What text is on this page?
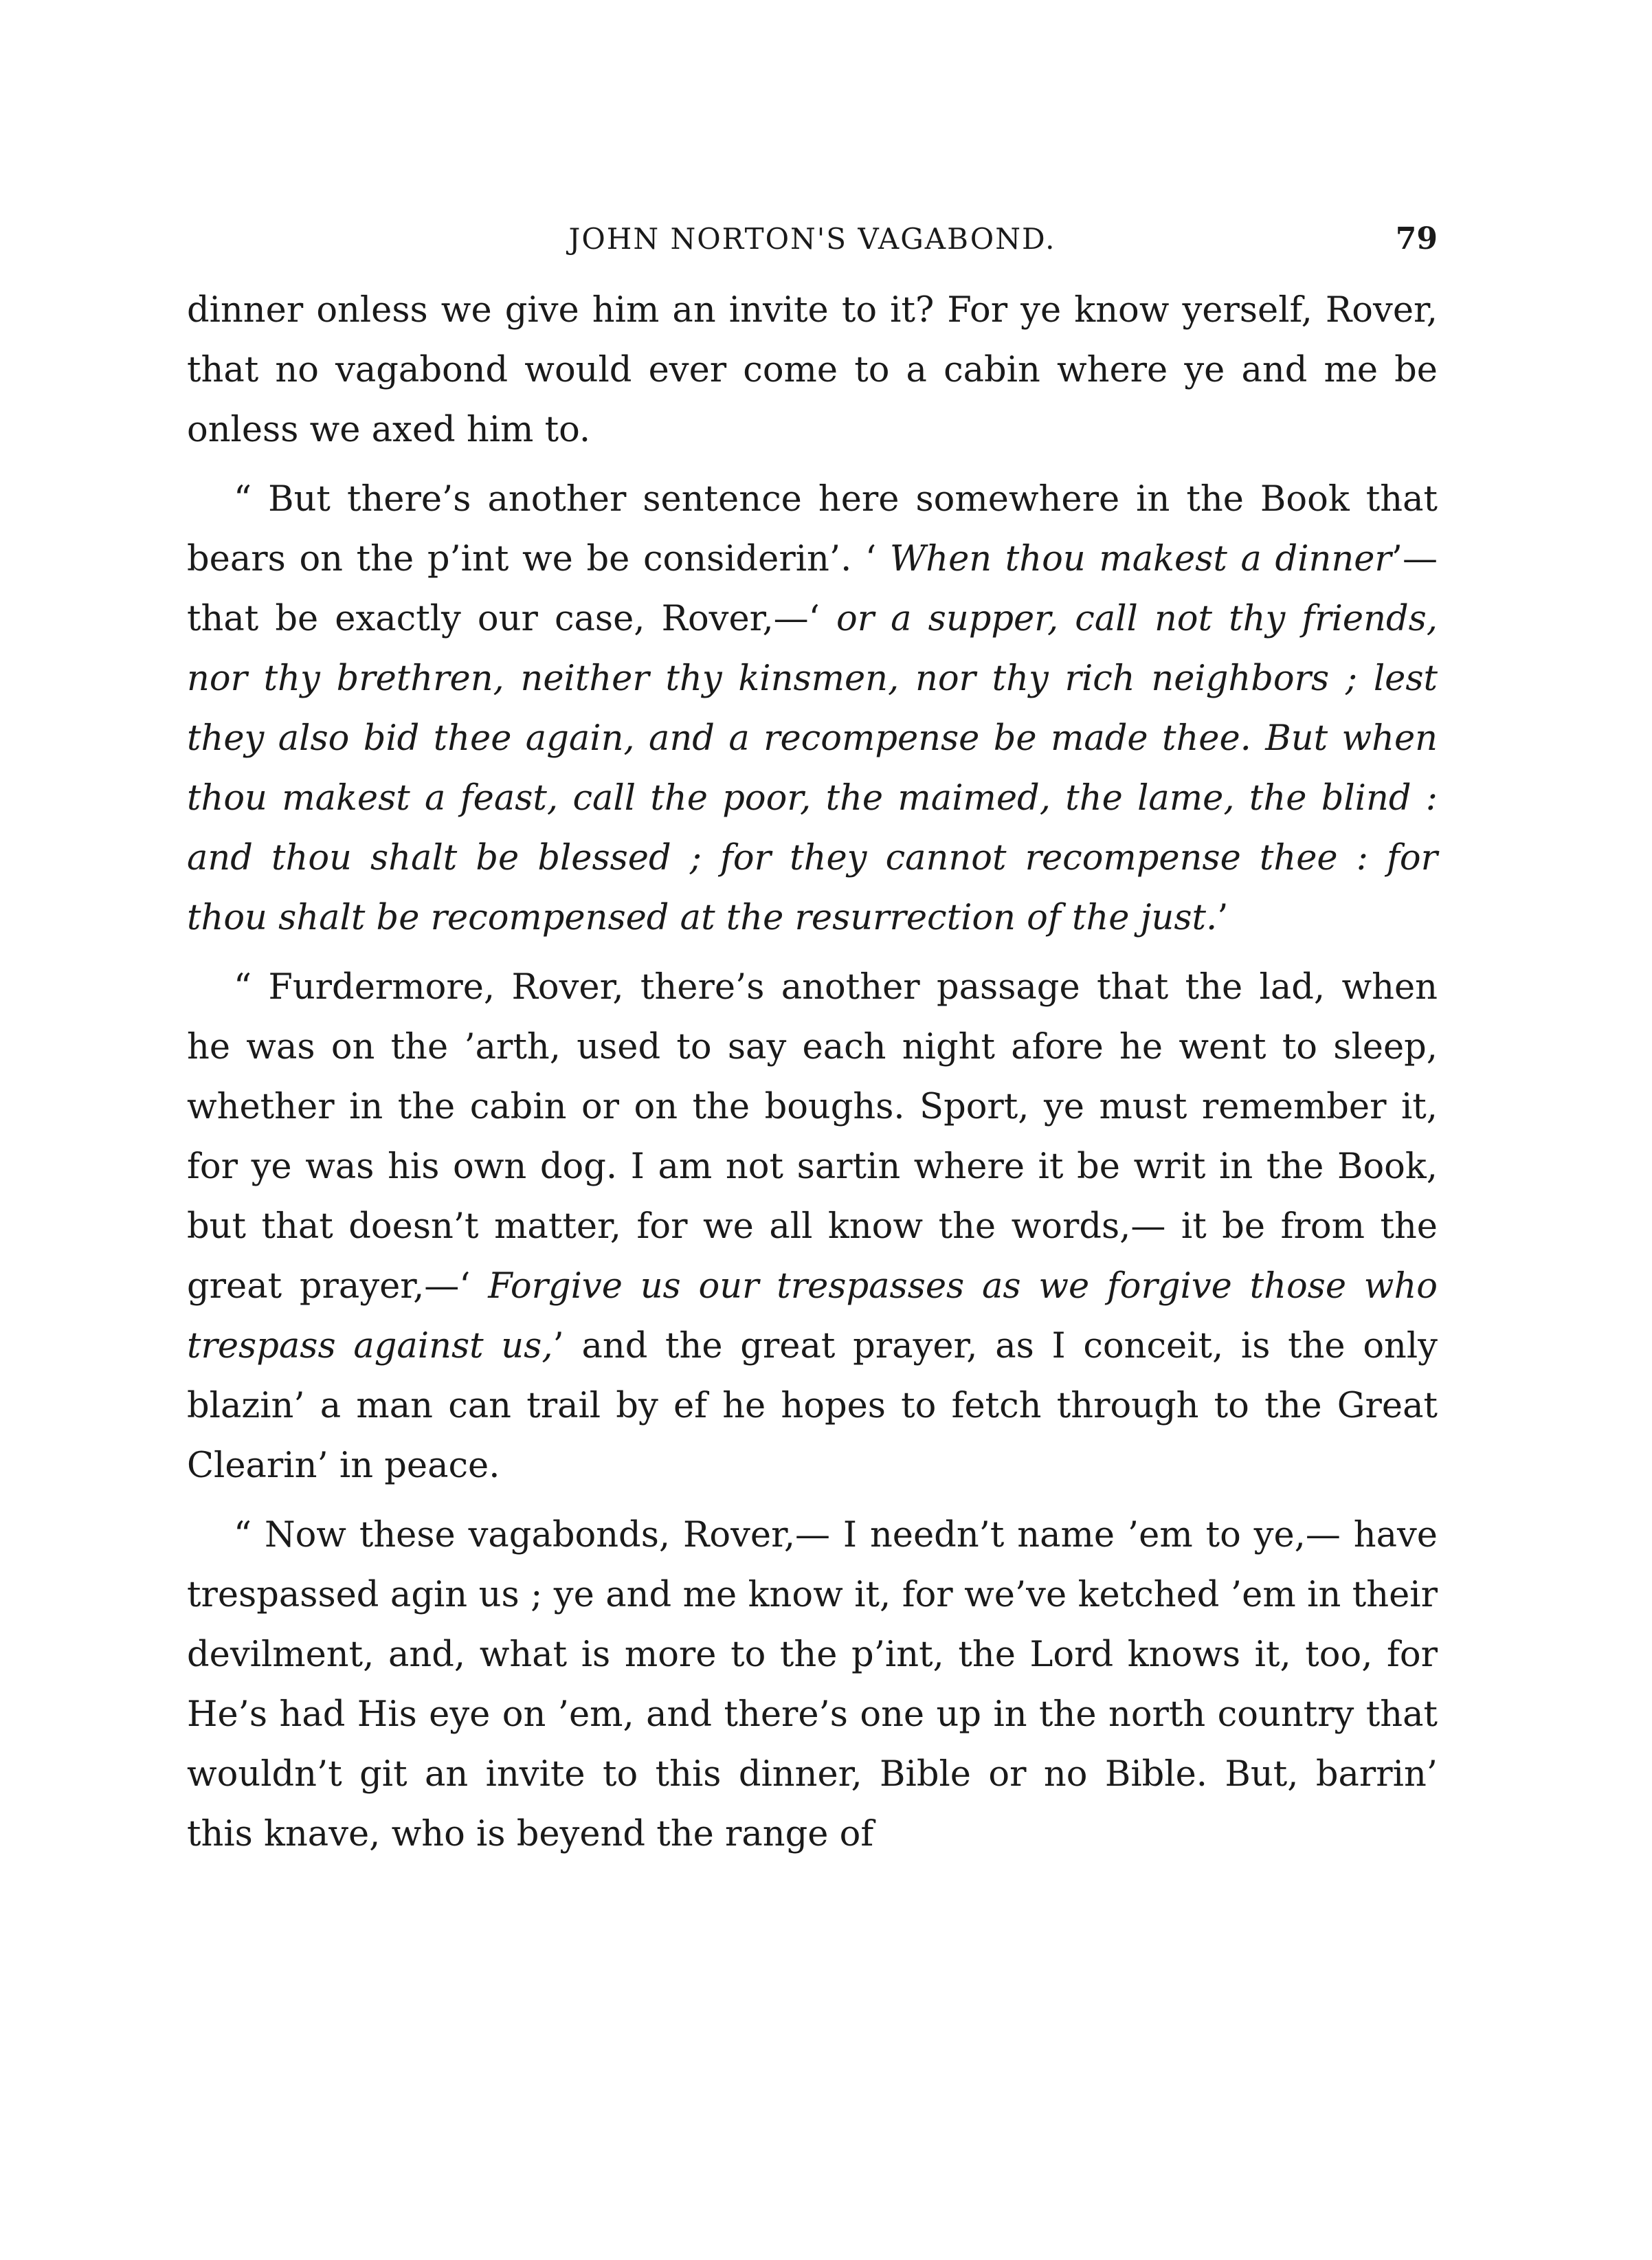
JOHN NORTON'S VAGABOND.	79

dinner onless we give him an invite to it? For ye know yerself, Rover, that no vagabond would ever come to a cabin where ye and me be onless we axed him to.

“ But there’s another sentence here somewhere in the Book that bears on the p’int we be considerin’. ‘ When thou makest a dinner’— that be exactly our case, Rover,—‘ or a supper, call not thy friends, nor thy brethren, neither thy kinsmen, nor thy rich neighbors ; lest they also bid thee again, and a recompense be made thee. But when thou makest a feast, call the poor, the maimed, the lame, the blind : and thou shalt be blessed ; for they cannot recompense thee : for thou shalt be recompensed at the resurrection of the just.’

“ Furdermore, Rover, there’s another passage that the lad, when he was on the ’arth, used to say each night afore he went to sleep, whether in the cabin or on the boughs. Sport, ye must remember it, for ye was his own dog. I am not sartin where it be writ in the Book, but that doesn’t matter, for we all know the words,— it be from the great prayer,—‘ Forgive us our trespasses as we forgive those who trespass against us,’ and the great prayer, as I conceit, is the only blazin’ a man can trail by ef he hopes to fetch through to the Great Clearin’ in peace.

“ Now these vagabonds, Rover,— I needn’t name ’em to ye,— have trespassed agin us ; ye and me know it, for we’ve ketched ’em in their devilment, and, what is more to the p’int, the Lord knows it, too, for He’s had His eye on ’em, and there’s one up in the north country that wouldn’t git an invite to this dinner, Bible or no Bible. But, barrin’ this knave, who is beyend the range of
